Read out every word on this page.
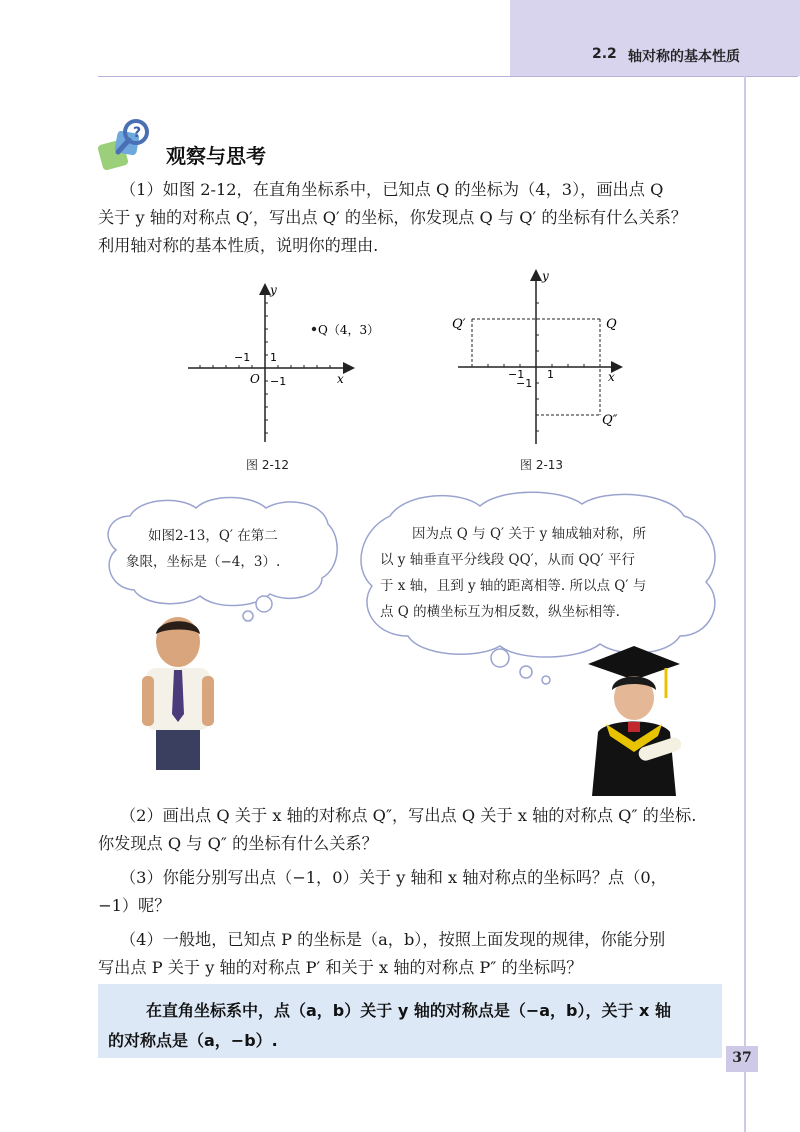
2.2 轴对称的基本性质
?
观察与思考
（1）如图 2-12，在直角坐标系中，已知点 Q 的坐标为（4，3），画出点 Q
关于 y 轴的对称点 Q′，写出点 Q′ 的坐标，你发现点 Q 与 Q′ 的坐标有什么关系？
利用轴对称的基本性质，说明你的理由.
x
y
O
−1 1
−1
Q（4，3）
图 2-12
x
y
−1 1
−1
Q′	Q
Q″
图 2-13
如图2-13，Q′ 在第二
象限，坐标是（−4，3）.
因为点 Q 与 Q′ 关于 y 轴成轴对称，所
以 y 轴垂直平分线段 QQ′，从而 QQ′ 平行
于 x 轴，且到 y 轴的距离相等. 所以点 Q′ 与
点 Q 的横坐标互为相反数，纵坐标相等.
（2）画出点 Q 关于 x 轴的对称点 Q″，写出点 Q 关于 x 轴的对称点 Q″ 的坐标.
你发现点 Q 与 Q″ 的坐标有什么关系？
（3）你能分别写出点（−1，0）关于 y 轴和 x 轴对称点的坐标吗？点（0，
−1）呢？
（4）一般地，已知点 P 的坐标是（a，b），按照上面发现的规律，你能分别
写出点 P 关于 y 轴的对称点 P′ 和关于 x 轴的对称点 P″ 的坐标吗？
在直角坐标系中，点（a，b）关于 y 轴的对称点是（−a，b），关于 x 轴
的对称点是（a，−b）.
37
